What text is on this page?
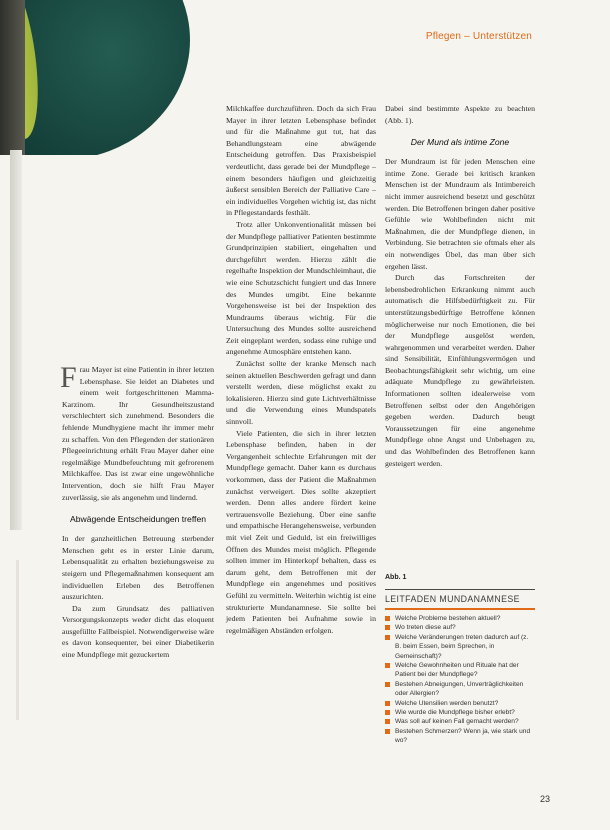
Pflegen – Unterstützen

Frau Mayer ist eine Patientin in ihrer letzten Lebensphase. Sie leidet an Diabetes und einem weit fortgeschrittenen Mamma-Karzinom. Ihr Gesundheitszustand verschlechtert sich zunehmend. Besonders die fehlende Mundhygiene macht ihr immer mehr zu schaffen. Von den Pflegenden der stationären Pflegeeinrichtung erhält Frau Mayer daher eine regelmäßige Mundbefeuchtung mit gefrorenem Milchkaffee. Das ist zwar eine ungewöhnliche Intervention, doch sie hilft Frau Mayer zuverlässig, sie als angenehm und lindernd.

Abwägende Entscheidungen treffen

In der ganzheitlichen Betreuung sterbender Menschen geht es in erster Linie darum, Lebensqualität zu erhalten beziehungsweise zu steigern und Pflegemaßnahmen konsequent am individuellen Erleben des Betroffenen auszurichten.

Da zum Grundsatz des palliativen Versorgungskonzepts weder dicht das eloquent ausgefüllte Fallbeispiel. Notwendigerweise wäre es davon konsequenter, bei einer Diabetikerin eine Mundpflege mit gezuckertem

Milchkaffee durchzuführen. Doch da sich Frau Mayer in ihrer letzten Lebensphase befindet und für die Maßnahme gut tut, hat das Behandlungsteam eine abwägende Entscheidung getroffen. Das Praxisbeispiel verdeutlicht, dass gerade bei der Mundpflege – einem besonders häufigen und gleichzeitig äußerst sensiblen Bereich der Palliative Care – ein individuelles Vorgehen wichtig ist, das nicht in Pflegestandards festhält.

Trotz aller Unkonventionalität müssen bei der Mundpflege palliativer Patienten bestimmte Grundprinzipien stabiliert, eingehalten und durchgeführt werden. Hierzu zählt die regelhafte Inspektion der Mundschleimhaut, die wie eine Schutzschicht fungiert und das Innere des Mundes umgibt. Eine bekannte Vorgehensweise ist bei der Inspektion des Mundraums überaus wichtig. Für die Untersuchung des Mundes sollte ausreichend Zeit eingeplant werden, sodass eine ruhige und angenehme Atmosphäre entstehen kann.

Zunächst sollte der kranke Mensch nach seinen aktuellen Beschwerden gefragt und dann verstellt werden, diese möglichst exakt zu lokalisieren. Hierzu sind gute Lichtverhältnisse und die Verwendung eines Mundspatels sinnvoll.

Viele Patienten, die sich in ihrer letzten Lebensphase befinden, haben in der Vergangenheit schlechte Erfahrungen mit der Mundpflege gemacht. Daher kann es durchaus vorkommen, dass der Patient die Maßnahmen zunächst verweigert. Dies sollte akzeptiert werden. Denn alles andere fördert keine vertrauensvolle Beziehung. Über eine sanfte und empathische Herangehensweise, verbunden mit viel Zeit und Geduld, ist ein freiwilliges Öffnen des Mundes meist möglich. Pflegende sollten immer im Hinterkopf behalten, dass es darum geht, dem Betroffenen mit der Mundpflege ein angenehmes und positives Gefühl zu vermitteln. Weiterhin wichtig ist eine strukturierte Mundanamnese. Sie sollte bei jedem Patienten bei Aufnahme sowie in regelmäßigen Abständen erfolgen.

Dabei sind bestimmte Aspekte zu beachten (Abb. 1).

Der Mund als intime Zone

Der Mundraum ist für jeden Menschen eine intime Zone. Gerade bei kritisch kranken Menschen ist der Mundraum als Intimbereich nicht immer ausreichend besetzt und geschützt werden. Die Betroffenen bringen daher positive Gefühle wie Wohlbefinden nicht mit Maßnahmen, die der Mundpflege dienen, in Verbindung. Sie betrachten sie oftmals eher als ein notwendiges Übel, das man über sich ergehen lässt.

Durch das Fortschreiten der lebensbedrohlichen Erkrankung nimmt auch automatisch die Hilfsbedürftigkeit zu. Für unterstützungsbedürftige Betroffene können möglicherweise nur noch Emotionen, die bei der Mundpflege ausgelöst werden, wahrgenommen und verarbeitet werden. Daher sind Sensibilität, Einfühlungsvermögen und Beobachtungsfähigkeit sehr wichtig, um eine adäquate Mundpflege zu gewährleisten. Informationen sollten idealerweise vom Betroffenen selbst oder den Angehörigen gegeben werden. Dadurch beugt Voraussetzungen für eine angenehme Mundpflege ohne Angst und Unbehagen zu, und das Wohlbefinden des Betroffenen kann gesteigert werden.

Abb. 1
LEITFADEN MUNDANAMNESE
Welche Probleme bestehen aktuell?
Wo treten diese auf?
Welche Veränderungen treten dadurch auf (z. B. beim Essen, beim Sprechen, in Gemeinschaft)?
Welche Gewohnheiten und Rituale hat der Patient bei der Mundpflege?
Bestehen Abneigungen, Unverträglichkeiten oder Allergien?
Welche Utensilien werden benutzt?
Wie wurde die Mundpflege bisher erlebt?
Was soll auf keinen Fall gemacht werden?
Bestehen Schmerzen? Wenn ja, wie stark und wo?
23
